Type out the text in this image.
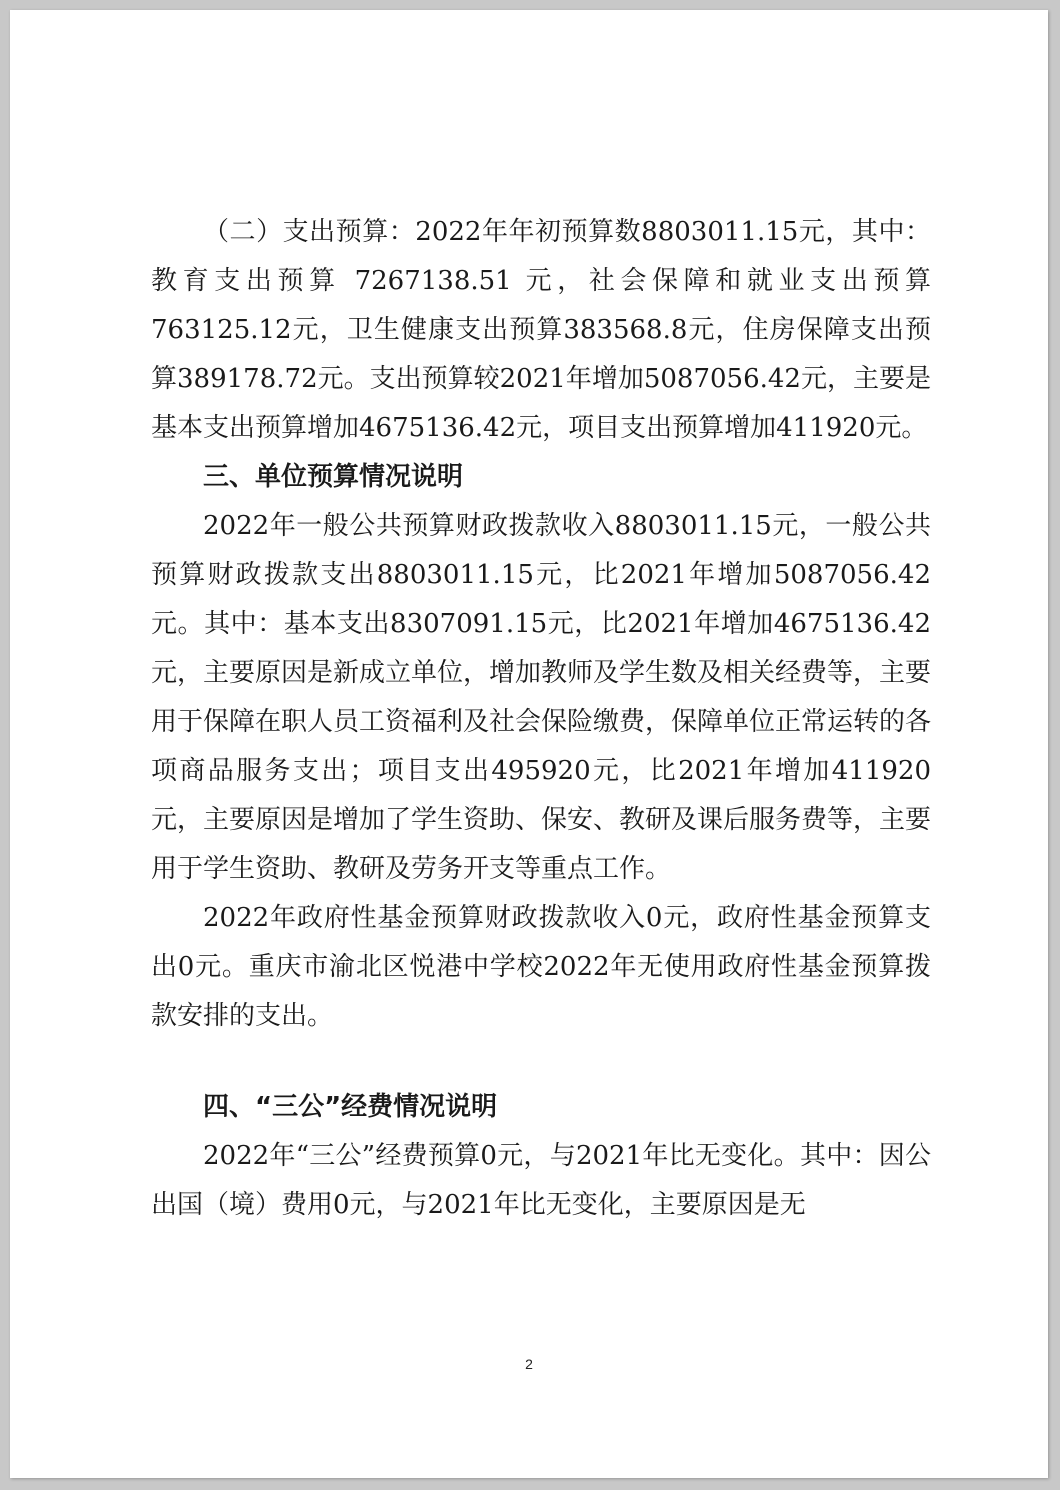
（二）支出预算：2022年年初预算数8803011.15元，其中：教育支出预算 7267138.51 元，社会保障和就业支出预算763125.12元，卫生健康支出预算383568.8元，住房保障支出预算389178.72元。支出预算较2021年增加5087056.42元，主要是基本支出预算增加4675136.42元，项目支出预算增加411920元。

三、单位预算情况说明

2022年一般公共预算财政拨款收入8803011.15元，一般公共预算财政拨款支出8803011.15元，比2021年增加5087056.42元。其中：基本支出8307091.15元，比2021年增加4675136.42元，主要原因是新成立单位，增加教师及学生数及相关经费等，主要用于保障在职人员工资福利及社会保险缴费，保障单位正常运转的各项商品服务支出；项目支出495920元，比2021年增加411920 元，主要原因是增加了学生资助、保安、教研及课后服务费等，主要用于学生资助、教研及劳务开支等重点工作。

2022年政府性基金预算财政拨款收入0元，政府性基金预算支出0元。重庆市渝北区悦港中学校2022年无使用政府性基金预算拨款安排的支出。

四、“三公”经费情况说明

2022年“三公”经费预算0元，与2021年比无变化。其中：因公出国（境）费用0元，与2021年比无变化，主要原因是无

2
